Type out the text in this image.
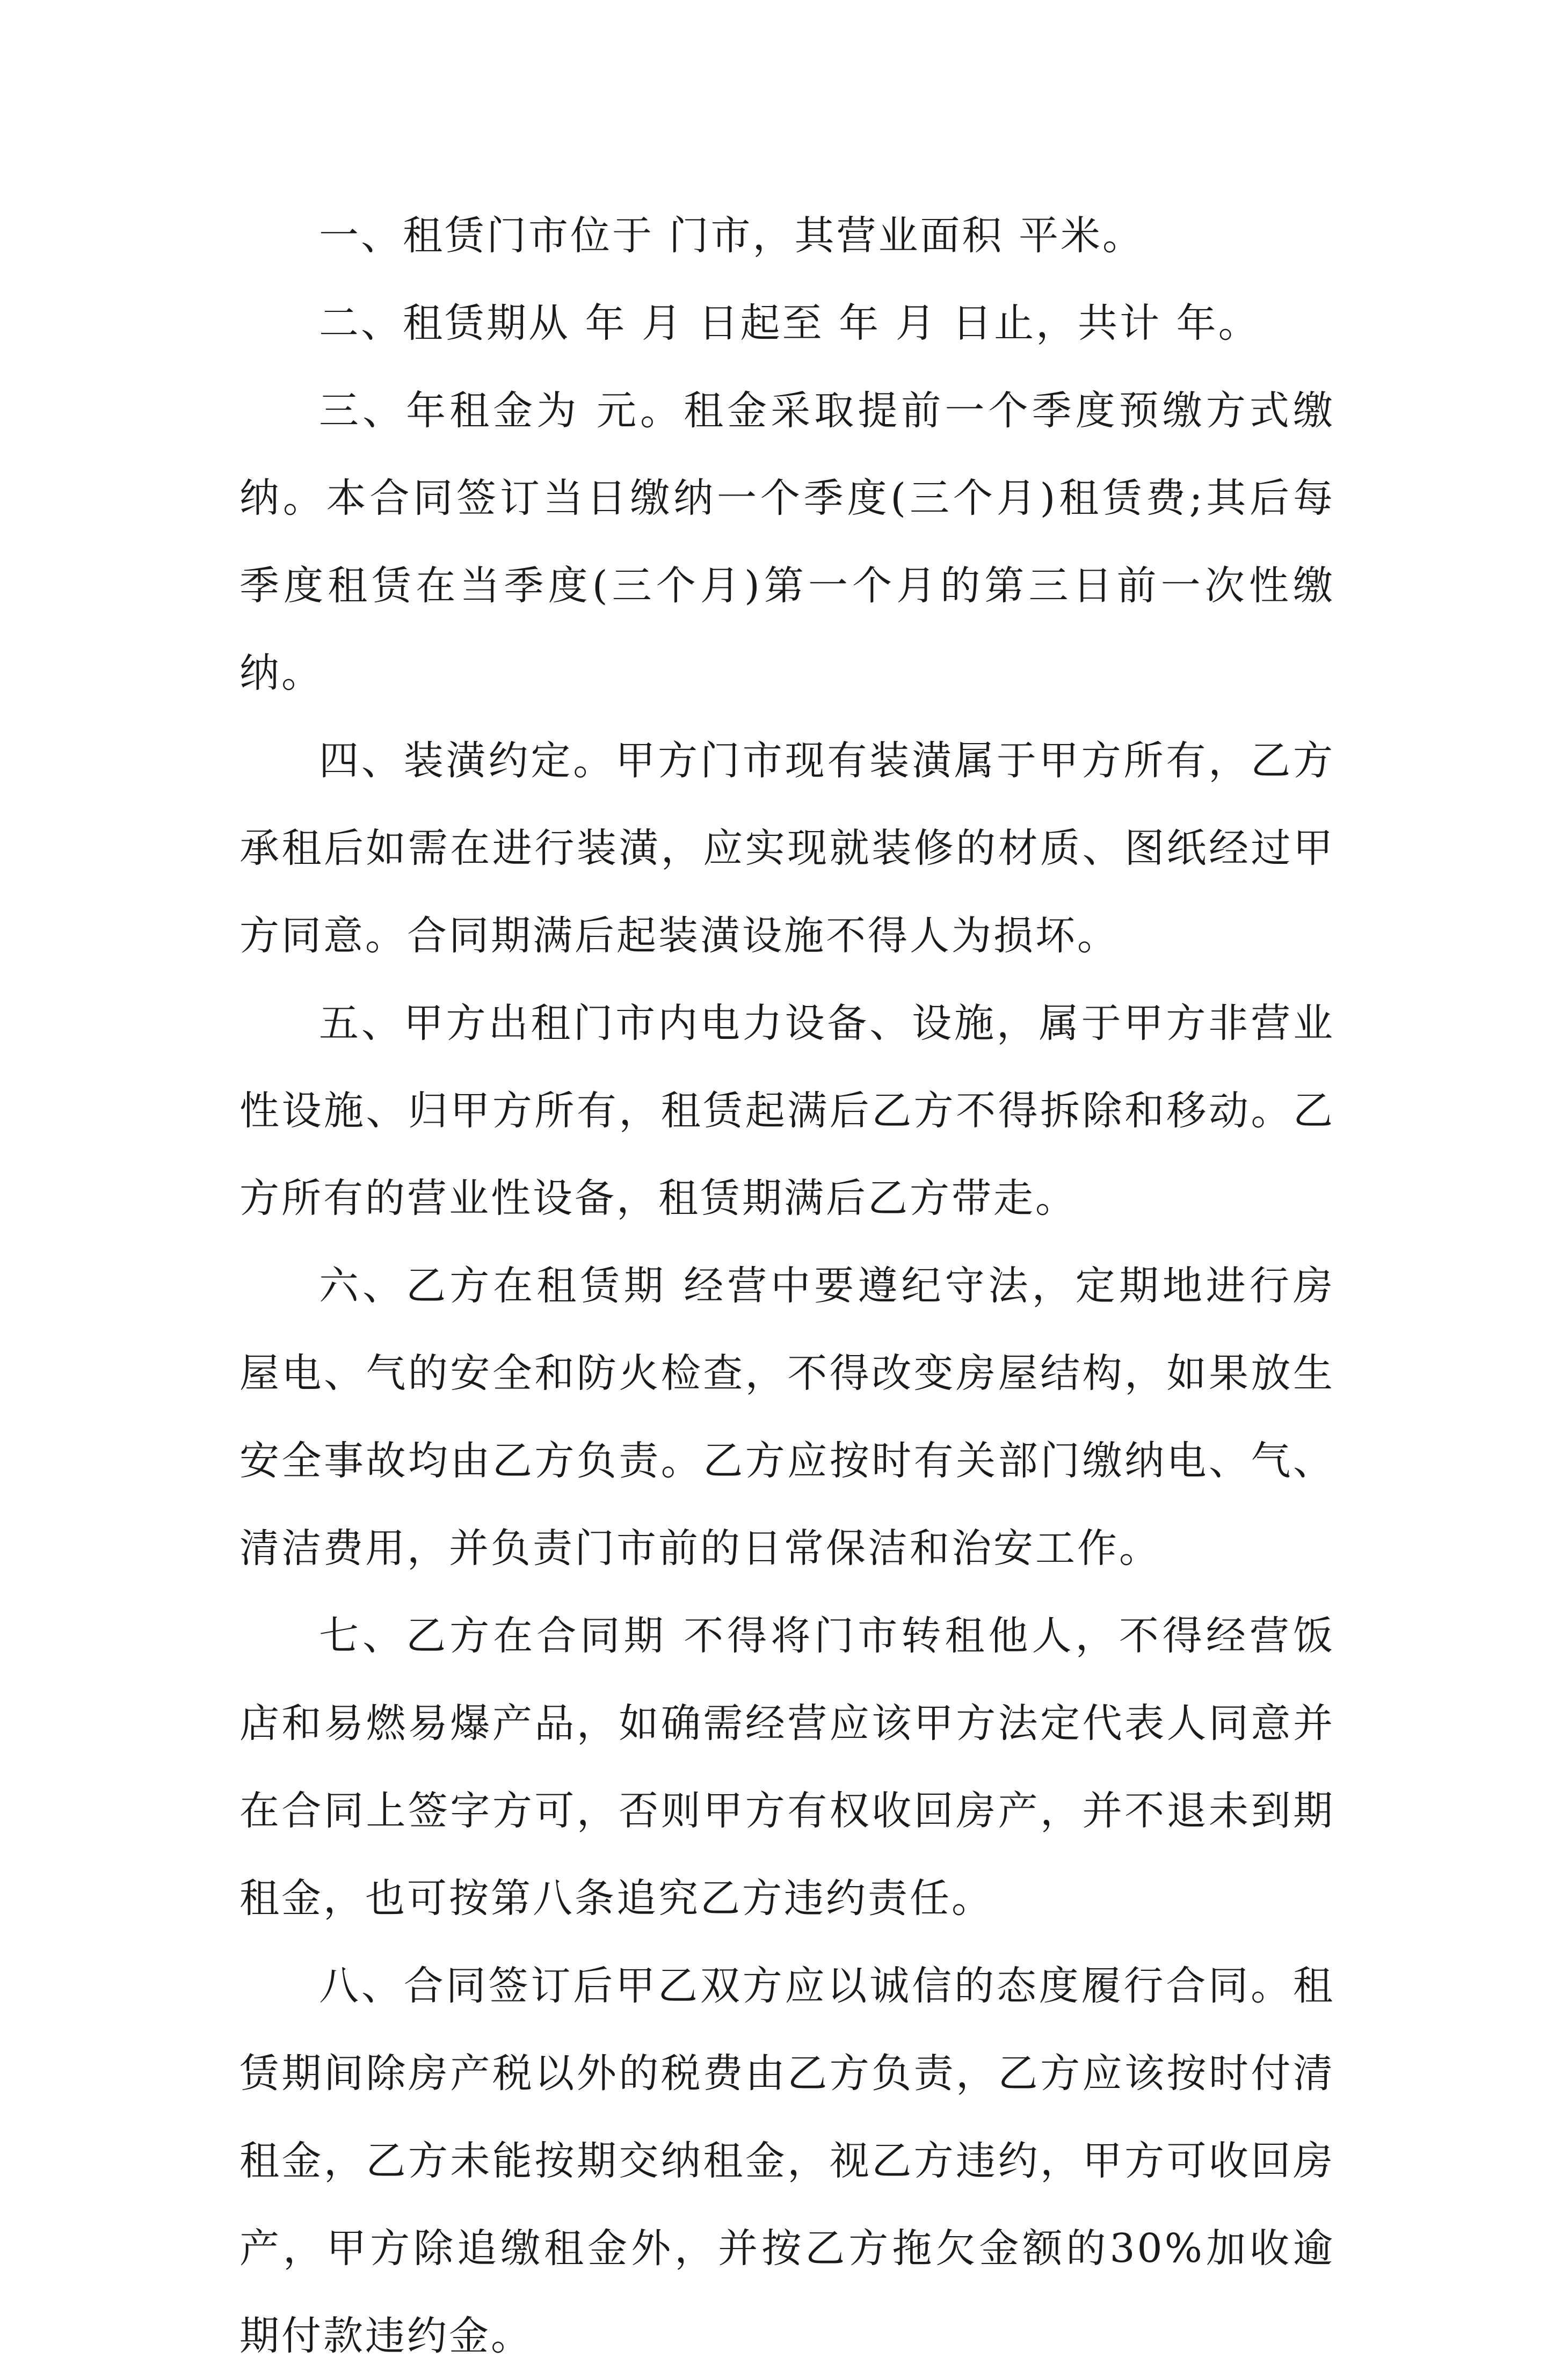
一、租赁门市位于 门市，其营业面积 平米。

二、租赁期从 年 月 日起至 年 月 日止，共计 年。

三、年租金为 元。租金采取提前一个季度预缴方式缴纳。本合同签订当日缴纳一个季度(三个月)租赁费;其后每季度租赁在当季度(三个月)第一个月的第三日前一次性缴纳。

四、装潢约定。甲方门市现有装潢属于甲方所有，乙方承租后如需在进行装潢，应实现就装修的材质、图纸经过甲方同意。合同期满后起装潢设施不得人为损坏。

五、甲方出租门市内电力设备、设施，属于甲方非营业性设施、归甲方所有，租赁起满后乙方不得拆除和移动。乙方所有的营业性设备，租赁期满后乙方带走。

六、乙方在租赁期 经营中要遵纪守法，定期地进行房屋电、气的安全和防火检查，不得改变房屋结构，如果放生安全事故均由乙方负责。乙方应按时有关部门缴纳电、气、清洁费用，并负责门市前的日常保洁和治安工作。

七、乙方在合同期 不得将门市转租他人，不得经营饭店和易燃易爆产品，如确需经营应该甲方法定代表人同意并在合同上签字方可，否则甲方有权收回房产，并不退未到期租金，也可按第八条追究乙方违约责任。

八、合同签订后甲乙双方应以诚信的态度履行合同。租赁期间除房产税以外的税费由乙方负责，乙方应该按时付清租金，乙方未能按期交纳租金，视乙方违约，甲方可收回房产，甲方除追缴租金外，并按乙方拖欠金额的30%加收逾期付款违约金。
